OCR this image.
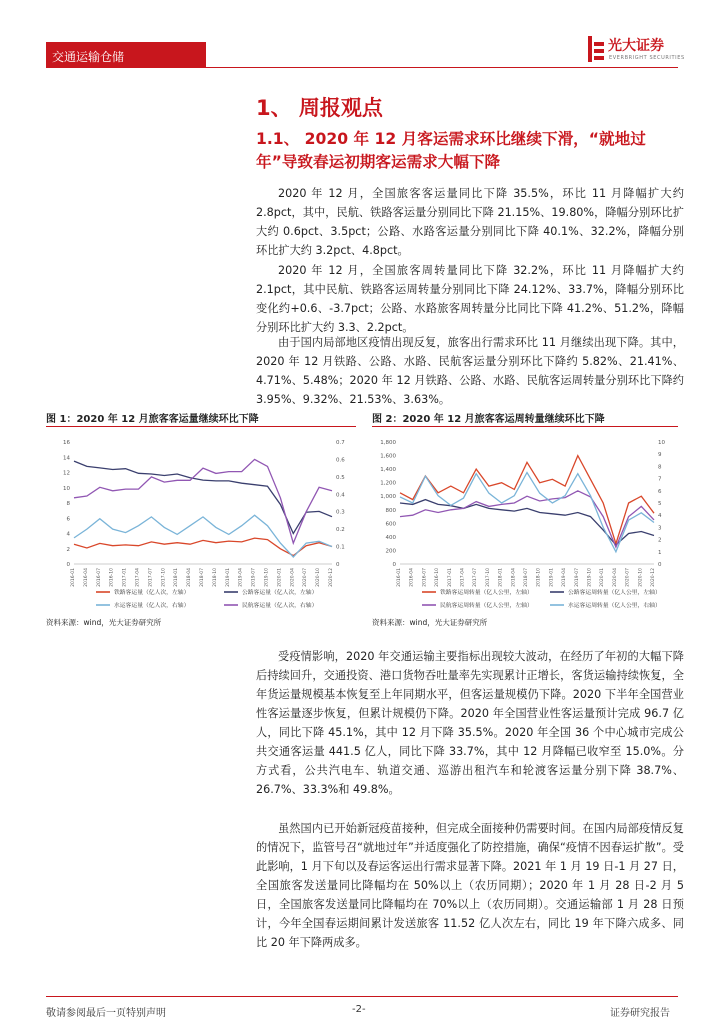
交通运输仓储
光大证券
EVERBRIGHT SECURITIES
1、 周报观点
1.1、 2020 年 12 月客运需求环比继续下滑，“就地过年”导致春运初期客运需求大幅下降

2020 年 12 月，全国旅客客运量同比下降 35.5%，环比 11 月降幅扩大约 2.8pct，其中，民航、铁路客运量分别同比下降 21.15%、19.80%，降幅分别环比扩大约 0.6pct、3.5pct；公路、水路客运量分别同比下降 40.1%、32.2%，降幅分别环比扩大约 3.2pct、4.8pct。

2020 年 12 月，全国旅客周转量同比下降 32.2%，环比 11 月降幅扩大约 2.1pct，其中民航、铁路客运周转量分别同比下降 24.12%、33.7%，降幅分别环比变化约+0.6、-3.7pct；公路、水路旅客周转量分比同比下降 41.2%、51.2%，降幅分别环比扩大约 3.3、2.2pct。

由于国内局部地区疫情出现反复，旅客出行需求环比 11 月继续出现下降。其中，2020 年 12 月铁路、公路、水路、民航客运量分别环比下降约 5.82%、21.41%、4.71%、5.48%；2020 年 12 月铁路、公路、水路、民航客运周转量分别环比下降约 3.95%、9.32%、21.53%、3.63%。

图 1：2020 年 12 月旅客客运量继续环比下降
0
2
4
6
8
10
12
14
16
0
0.1
0.2
0.3
0.4
0.5
0.6
0.7
2016-01 2016-04 2016-07 2016-10 2017-01 2017-04 2017-07 2017-10 2018-01 2018-04 2018-07 2018-10 2019-01 2019-04 2019-07 2019-10 2020-01 2020-04 2020-07 2020-10 2020-12
铁路客运量（亿人次，左轴）	公路客运量（亿人次，左轴）
水运客运量（亿人次，右轴）	民航客运量（亿人次，右轴）
资料来源：wind，光大证券研究所
图 2：2020 年 12 月旅客客运周转量继续环比下降
0
200
400
600
800
1,000
1,200
1,400
1,600
1,800
0
1
2
3
4
5
6
7
8
9
10
2016-01 2016-04 2016-07 2016-10 2017-01 2017-04 2017-07 2017-10 2018-01 2018-04 2018-07 2018-10 2019-01 2019-04 2019-07 2019-10 2020-01 2020-04 2020-07 2020-10 2020-12
铁路客运周转量（亿人公里，左轴）	公路客运周转量（亿人公里，左轴）
民航客运周转量（亿人公里，左轴）	水运客运周转量（亿人公里，右轴）
资料来源：wind，光大证券研究所

受疫情影响，2020 年交通运输主要指标出现较大波动，在经历了年初的大幅下降后持续回升，交通投资、港口货物吞吐量率先实现累计正增长，客货运输持续恢复，全年货运量规模基本恢复至上年同期水平，但客运量规模仍下降。2020 下半年全国营业性客运量逐步恢复，但累计规模仍下降。2020 年全国营业性客运量预计完成 96.7 亿人，同比下降 45.1%，其中 12 月下降 35.5%。2020 年全国 36 个中心城市完成公共交通客运量 441.5 亿人，同比下降 33.7%，其中 12 月降幅已收窄至 15.0%。分方式看，公共汽电车、轨道交通、巡游出租汽车和轮渡客运量分别下降 38.7%、26.7%、33.3%和 49.8%。

虽然国内已开始新冠疫苗接种，但完成全面接种仍需要时间。在国内局部疫情反复的情况下，监管号召“就地过年”并适度强化了防控措施，确保“疫情不因春运扩散”。受此影响，1 月下旬以及春运客运出行需求显著下降。2021 年 1 月 19 日-1 月 27 日，全国旅客发送量同比降幅均在 50%以上（农历同期）；2020 年 1 月 28 日-2 月 5 日，全国旅客发送量同比降幅均在 70%以上（农历同期）。交通运输部 1 月 28 日预计，今年全国春运期间累计发送旅客 11.52 亿人次左右，同比 19 年下降六成多、同比 20 年下降两成多。

敬请参阅最后一页特别声明	-2-	证券研究报告
